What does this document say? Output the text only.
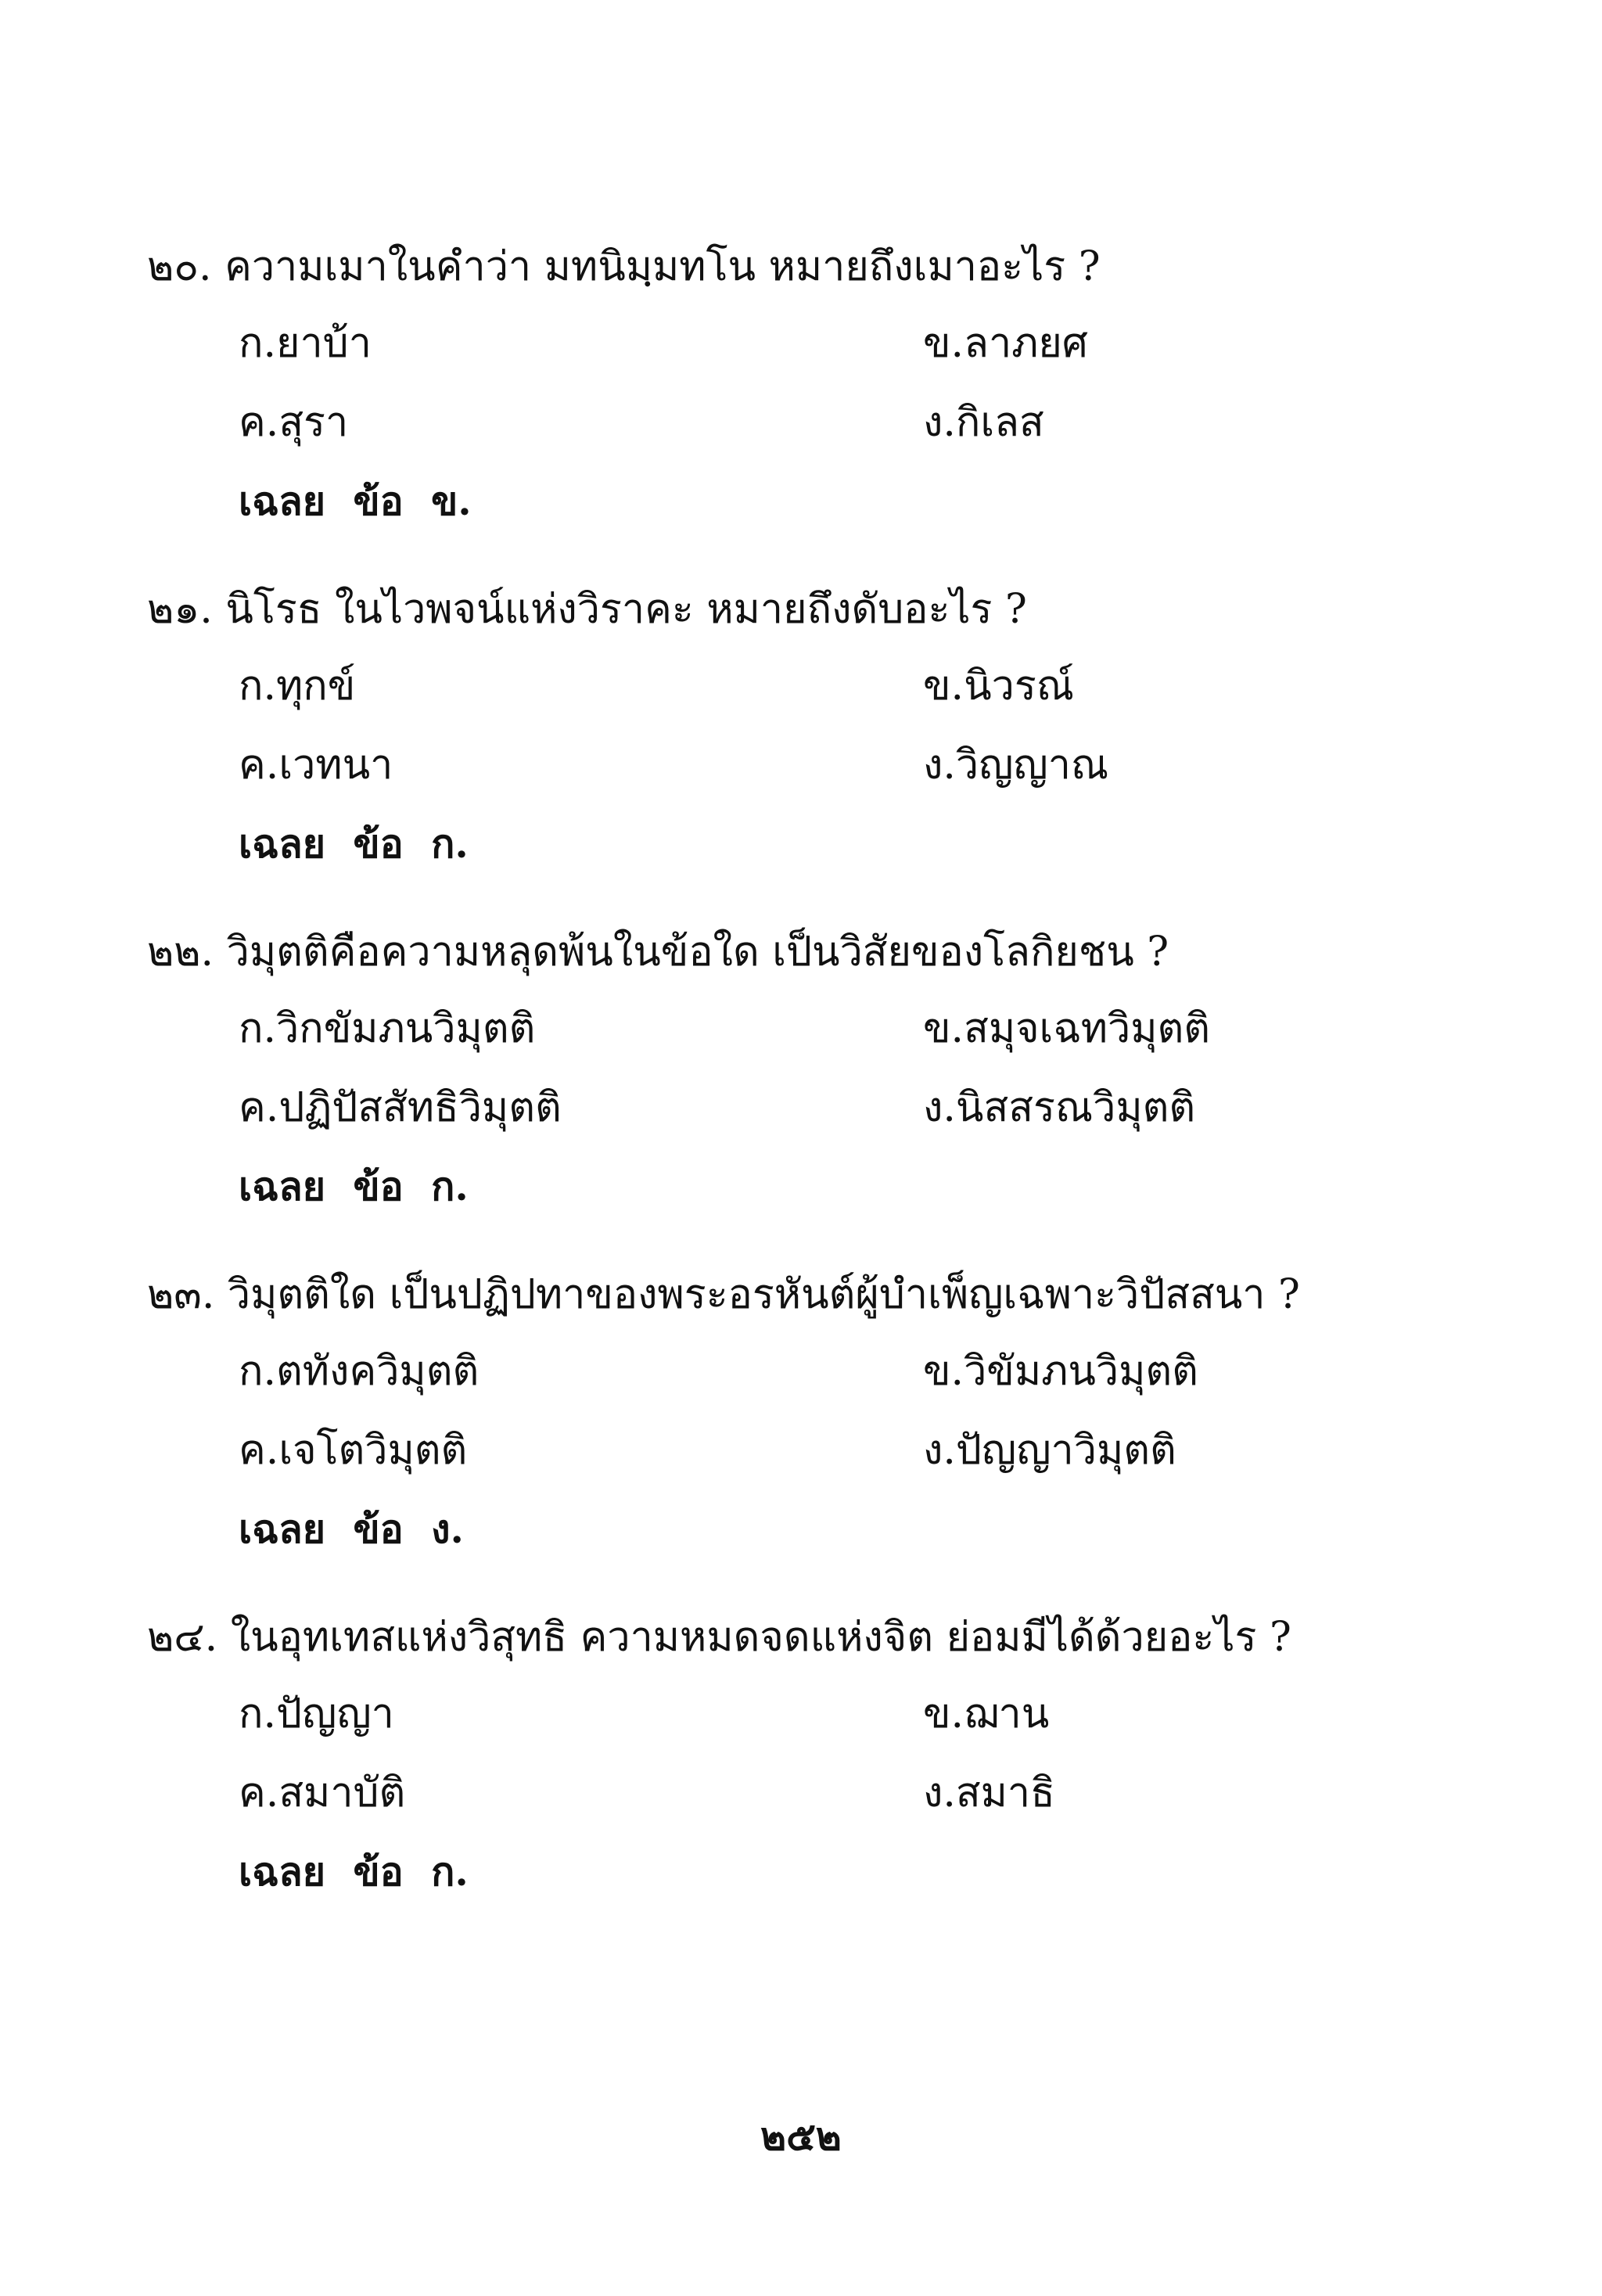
๒๐. ความเมาในคำว่า มทนิมฺมทโน หมายถึงเมาอะไร ?
ก.ยาบ้า	ข.ลาภยศ
ค.สุรา	ง.กิเลส
เฉลย ข้อ ข.
๒๑. นิโรธ ในไวพจน์แห่งวิราคะ หมายถึงดับอะไร ?
ก.ทุกข์	ข.นิวรณ์
ค.เวทนา	ง.วิญญาณ
เฉลย ข้อ ก.
๒๒. วิมุตติคือความหลุดพ้นในข้อใด เป็นวิสัยของโลกิยชน ?
ก.วิกขัมภนวิมุตติ	ข.สมุจเฉทวิมุตติ
ค.ปฏิปัสสัทธิวิมุตติ	ง.นิสสรณวิมุตติ
เฉลย ข้อ ก.
๒๓. วิมุตติใด เป็นปฏิปทาของพระอรหันต์ผู้บำเพ็ญเฉพาะวิปัสสนา ?
ก.ตทังควิมุตติ	ข.วิขัมภนวิมุตติ
ค.เจโตวิมุตติ	ง.ปัญญาวิมุตติ
เฉลย ข้อ ง.
๒๔. ในอุทเทสแห่งวิสุทธิ ความหมดจดแห่งจิต ย่อมมีได้ด้วยอะไร ?
ก.ปัญญา	ข.ฌาน
ค.สมาบัติ	ง.สมาธิ
เฉลย ข้อ ก.
๒๕๒
